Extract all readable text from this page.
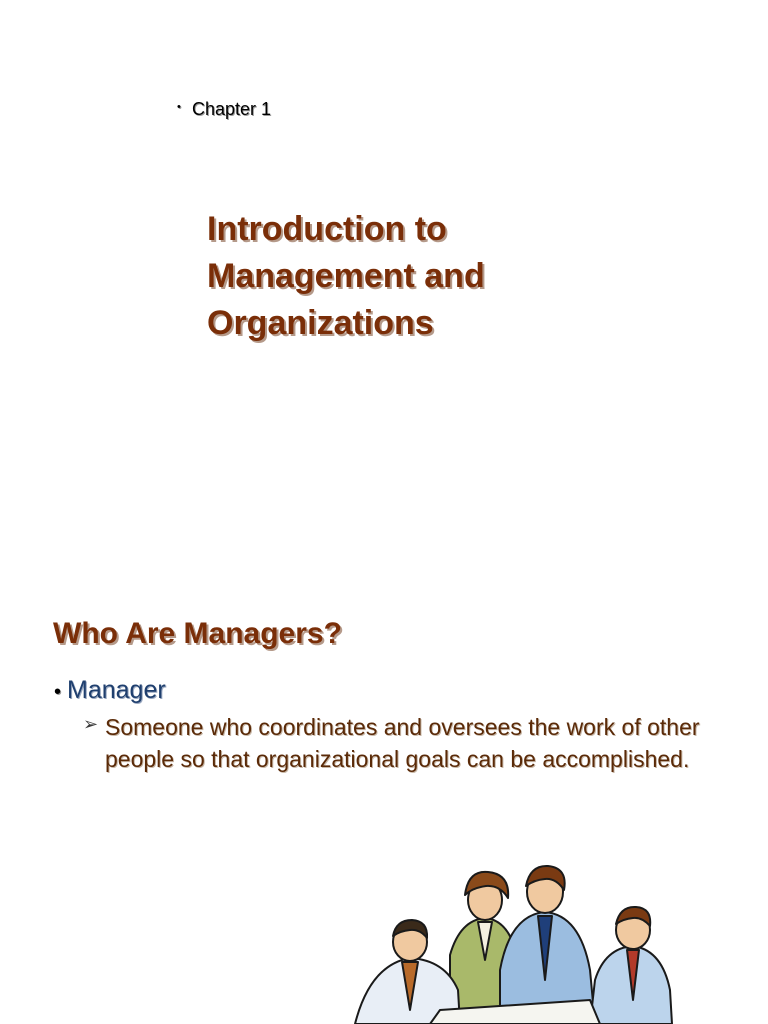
• Chapter 1
Introduction to Management and Organizations
Who Are Managers?
• Manager
➢ Someone who coordinates and oversees the work of other people so that organizational goals can be accomplished.
